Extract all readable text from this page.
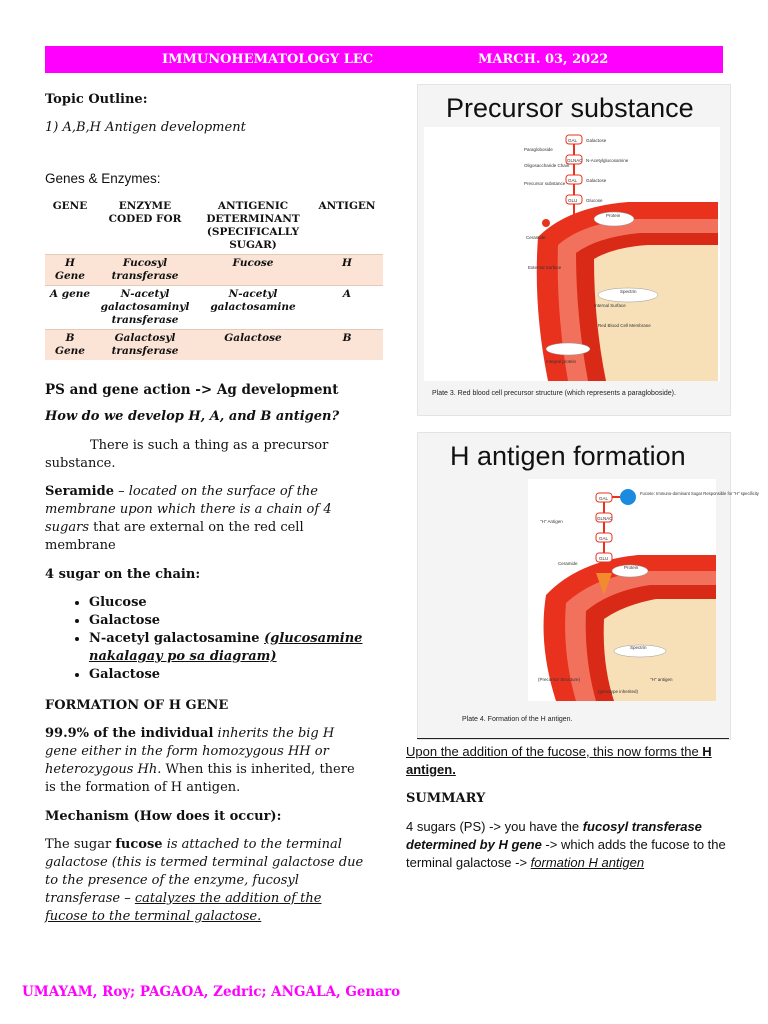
IMMUNOHEMATOLOGY LEC	MARCH. 03, 2022
Topic Outline:
1) A,B,H Antigen development
Genes & Enzymes:
GENE	ENZYME CODED FOR	ANTIGENIC DETERMINANT (SPECIFICALLY SUGAR)	ANTIGEN
H Gene	Fucosyl transferase	Fucose	H
A gene	N-acetyl galactosaminyl transferase	N-acetyl galactosamine	A
B Gene	Galactosyl transferase	Galactose	B
PS and gene action -> Ag development
How do we develop H, A, and B antigen?
There is such a thing as a precursor substance.
Seramide – located on the surface of the membrane upon which there is a chain of 4 sugars that are external on the red cell membrane
4 sugar on the chain:
• Glucose
• Galactose
• N-acetyl galactosamine (glucosamine nakalagay po sa diagram)
• Galactose
FORMATION OF H GENE
99.9% of the individual inherits the big H gene either in the form homozygous HH or heterozygous Hh. When this is inherited, there is the formation of H antigen.
Mechanism (How does it occur):
The sugar fucose is attached to the terminal galactose (this is termed terminal galactose due to the presence of the enzyme, fucosyl transferase – catalyzes the addition of the fucose to the terminal galactose.
Precursor substance
GAL
GLNAC
GAL
GLU
Galactose
N-Acetylglucosamine
Galactose
Glucose
Paragloboside
Oligosaccharide Chain
Precursor substance
Ceramide
External Surface
Internal Surface
Integral protein
Protein
Spectrin
Red Blood Cell Membrane
Plate 3. Red blood cell precursor structure (which represents a paragloboside).
H antigen formation
GAL
GLNAC
GAL
GLU
"H" Antigen
Ceramide
Protein
Spectrin
Fucose: Immuno-dominant Sugar Responsible for "H" specificity
(Precursor Structure)
(genotype inherited)
"H" antigen
Plate 4. Formation of the H antigen.
Upon the addition of the fucose, this now forms the H antigen.
SUMMARY
4 sugars (PS) -> you have the fucosyl transferase determined by H gene -> which adds the fucose to the terminal galactose -> formation H antigen
UMAYAM, Roy; PAGAOA, Zedric; ANGALA, Genaro
